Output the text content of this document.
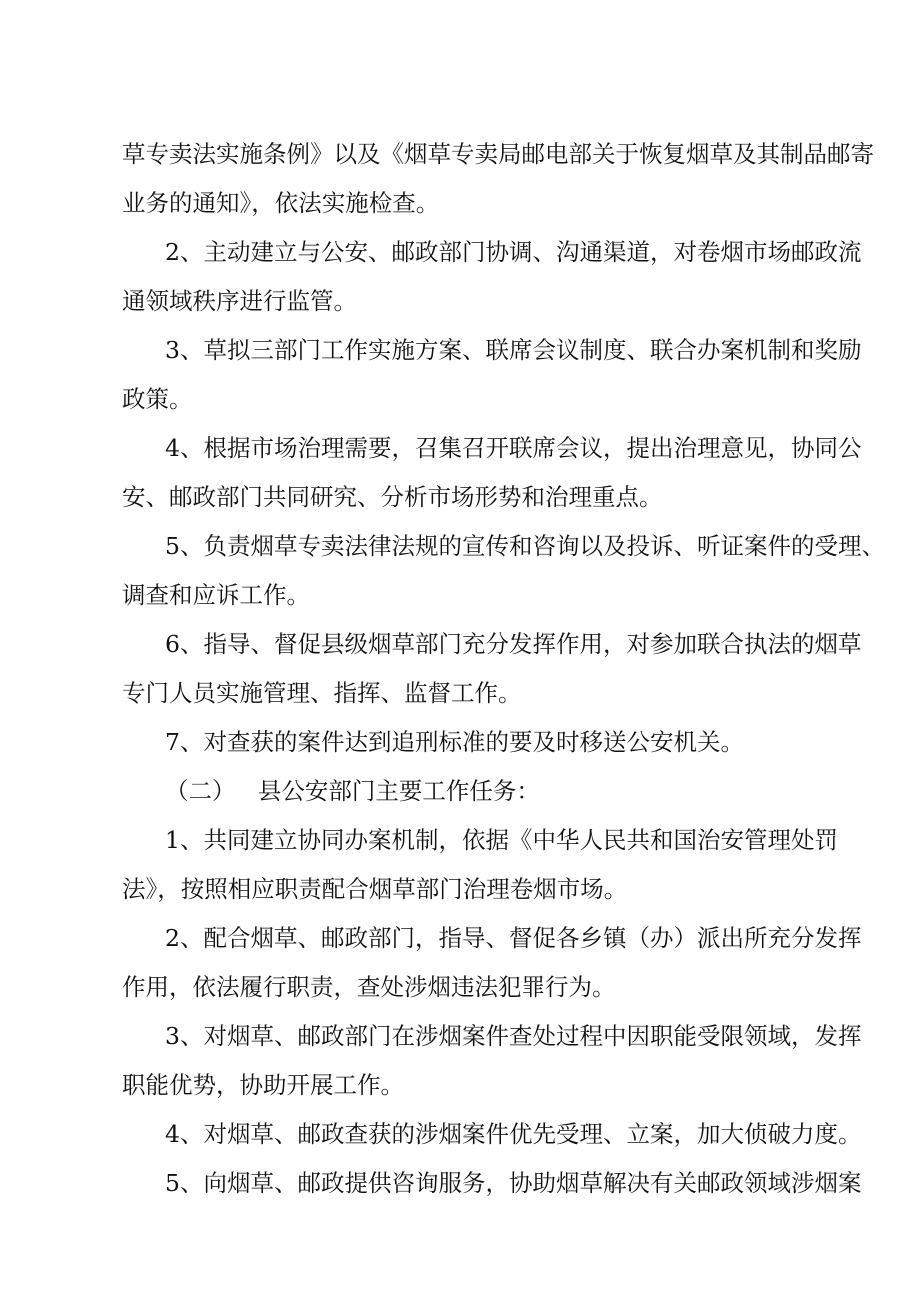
草专卖法实施条例》以及《烟草专卖局邮电部关于恢复烟草及其制品邮寄
业务的通知》，依法实施检查。
2、主动建立与公安、邮政部门协调、沟通渠道，对卷烟市场邮政流
通领域秩序进行监管。
3、草拟三部门工作实施方案、联席会议制度、联合办案机制和奖励
政策。
4、根据市场治理需要，召集召开联席会议，提出治理意见，协同公
安、邮政部门共同研究、分析市场形势和治理重点。
5、负责烟草专卖法律法规的宣传和咨询以及投诉、听证案件的受理、
调查和应诉工作。
6、指导、督促县级烟草部门充分发挥作用，对参加联合执法的烟草
专门人员实施管理、指挥、监督工作。
7、对查获的案件达到追刑标准的要及时移送公安机关。
（二）   县公安部门主要工作任务：
1、共同建立协同办案机制，依据《中华人民共和国治安管理处罚
法》，按照相应职责配合烟草部门治理卷烟市场。
2、配合烟草、邮政部门，指导、督促各乡镇（办）派出所充分发挥
作用，依法履行职责，查处涉烟违法犯罪行为。
3、对烟草、邮政部门在涉烟案件查处过程中因职能受限领域，发挥
职能优势，协助开展工作。
4、对烟草、邮政查获的涉烟案件优先受理、立案，加大侦破力度。
5、向烟草、邮政提供咨询服务，协助烟草解决有关邮政领域涉烟案
